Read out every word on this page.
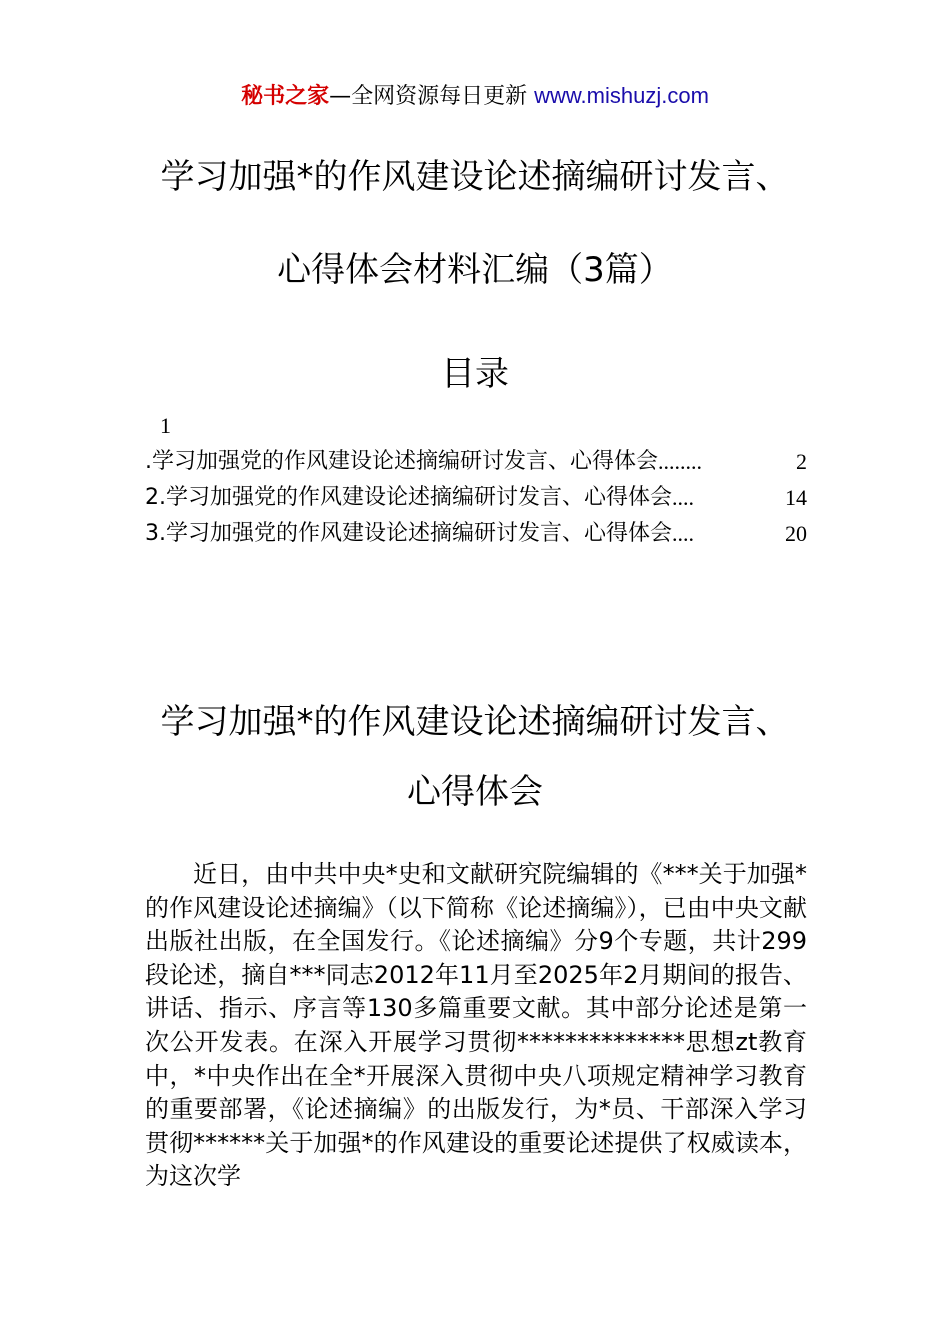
秘书之家—全网资源每日更新 www.mishuzj.com
学习加强*的作风建设论述摘编研讨发言、
心得体会材料汇编（3篇）
目录
1
.学习加强党的作风建设论述摘编研讨发言、心得体会 ........	2
2.学习加强党的作风建设论述摘编研讨发言、心得体会 ....	14
3.学习加强党的作风建设论述摘编研讨发言、心得体会 ....	20
学习加强*的作风建设论述摘编研讨发言、
心得体会

近日，由中共中央*史和文献研究院编辑的《***关于加强*的作风建设论述摘编》（以下简称《论述摘编》），已由中央文献出版社出版，在全国发行。《论述摘编》分9个专题，共计299段论述，摘自***同志2012年11月至2025年2月期间的报告、讲话、指示、序言等130多篇重要文献。其中部分论述是第一次公开发表。在深入开展学习贯彻**************思想zt教育中，*中央作出在全*开展深入贯彻中央八项规定精神学习教育的重要部署，《论述摘编》的出版发行，为*员、干部深入学习贯彻******关于加强*的作风建设的重要论述提供了权威读本，为这次学
